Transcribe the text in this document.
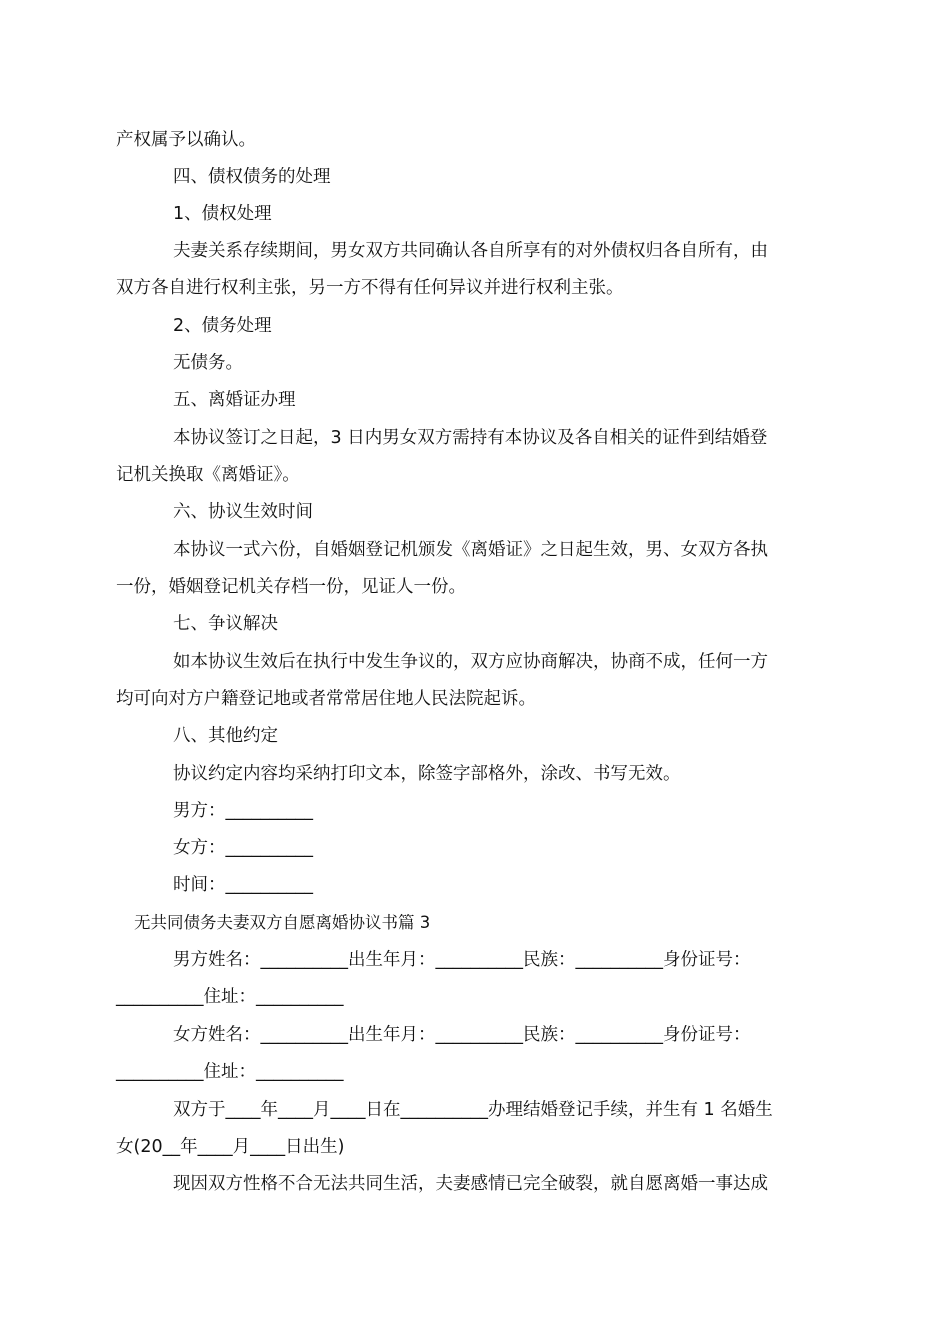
产权属予以确认。
四、债权债务的处理
1、债权处理
夫妻关系存续期间，男女双方共同确认各自所享有的对外债权归各自所有，由
双方各自进行权利主张，另一方不得有任何异议并进行权利主张。
2、债务处理
无债务。
五、离婚证办理
本协议签订之日起，3 日内男女双方需持有本协议及各自相关的证件到结婚登
记机关换取《离婚证》。
六、协议生效时间
本协议一式六份，自婚姻登记机颁发《离婚证》之日起生效，男、女双方各执
一份，婚姻登记机关存档一份，见证人一份。
七、争议解决
如本协议生效后在执行中发生争议的，双方应协商解决，协商不成，任何一方
均可向对方户籍登记地或者常常居住地人民法院起诉。
八、其他约定
协议约定内容均采纳打印文本，除签字部格外，涂改、书写无效。
男方：__________
女方：__________
时间：__________
无共同债务夫妻双方自愿离婚协议书篇 3
男方姓名：__________出生年月：__________民族：__________身份证号：
__________住址：__________
女方姓名：__________出生年月：__________民族：__________身份证号：
__________住址：__________
双方于____年____月____日在__________办理结婚登记手续，并生有 1 名婚生
女(20__年____月____日出生)
现因双方性格不合无法共同生活，夫妻感情已完全破裂，就自愿离婚一事达成
